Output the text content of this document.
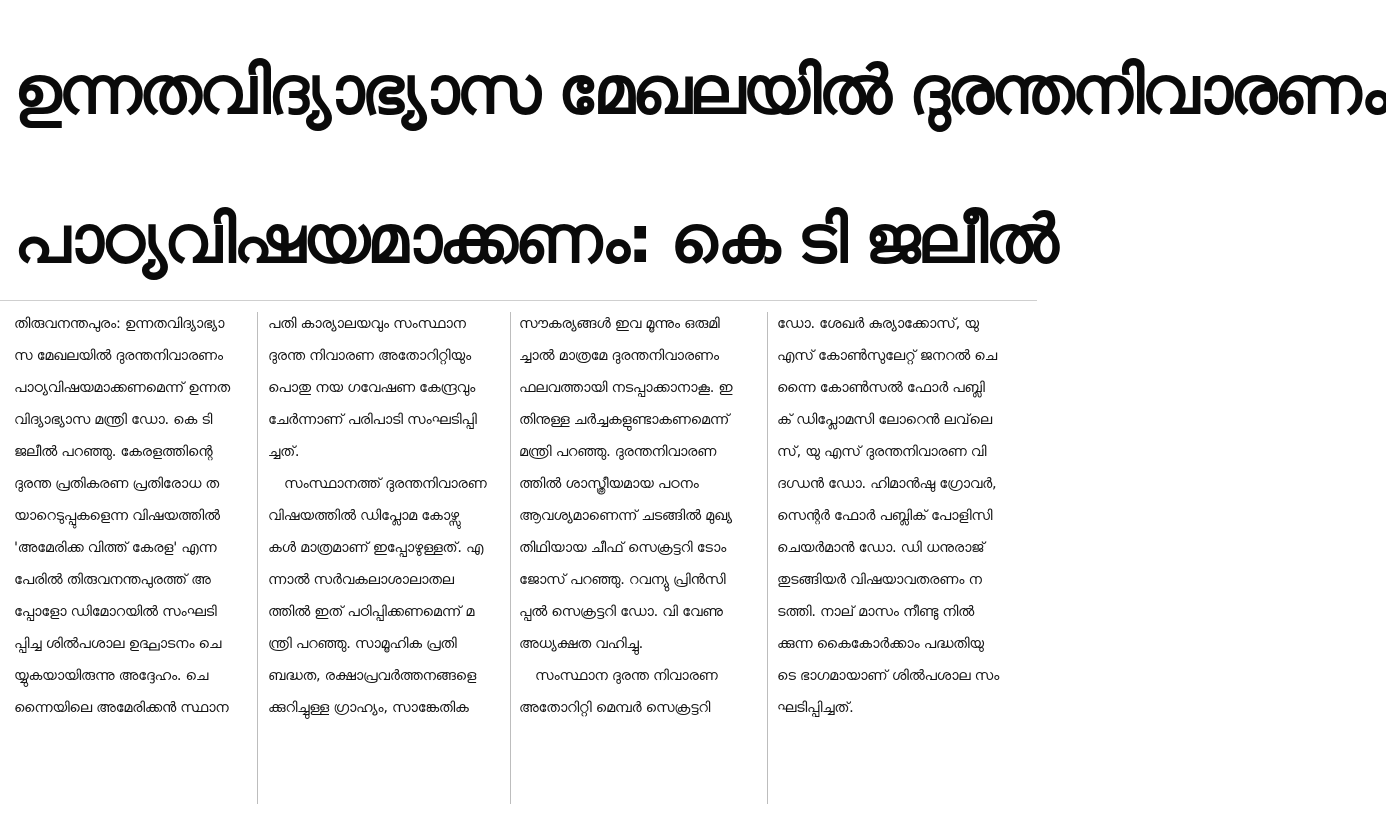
ഉന്നതവിദ്യാഭ്യാസ മേഖലയിൽ ദുരന്തനിവാരണം
പാഠ്യവിഷയമാക്കണം: കെ ടി ജലീൽ
തിരുവനന്തപുരം: ഉന്നതവിദ്യാഭ്യാ
സ മേഖലയിൽ ദുരന്തനിവാരണം
പാഠ്യവിഷയമാക്കണമെന്ന് ഉന്നത
വിദ്യാഭ്യാസ മന്ത്രി ഡോ. കെ ടി
ജലീൽ പറഞ്ഞു. കേരളത്തിന്റെ
ദുരന്ത പ്രതികരണ പ്രതിരോധ ത
യാറെടുപ്പുകളെന്ന വിഷയത്തിൽ
'അമേരിക്ക വിത്ത് കേരള' എന്ന
പേരിൽ തിരുവനന്തപുരത്ത് അ
പ്പോളോ ഡിമോറയിൽ സംഘടി
പ്പിച്ച ശിൽപശാല ഉദ്ഘാടനം ചെ
യ്യുകയായിരുന്നു അദ്ദേഹം. ചെ
ന്നൈയിലെ അമേരിക്കൻ സ്ഥാന
പതി കാര്യാലയവും സംസ്ഥാന
ദുരന്ത നിവാരണ അതോറിറ്റിയും
പൊതു നയ ഗവേഷണ കേന്ദ്രവും
ചേർന്നാണ് പരിപാടി സംഘടിപ്പി
ച്ചത്.
സംസ്ഥാനത്ത് ദുരന്തനിവാരണ
വിഷയത്തിൽ ഡിപ്ലോമ കോഴ്സു
കൾ മാത്രമാണ് ഇപ്പോഴുള്ളത്. എ
ന്നാൽ സർവകലാശാലാതല
ത്തിൽ ഇത് പഠിപ്പിക്കണമെന്ന് മ
ന്ത്രി പറഞ്ഞു. സാമൂഹിക പ്രതി
ബദ്ധത, രക്ഷാപ്രവർത്തനങ്ങളെ
ക്കുറിച്ചുള്ള ഗ്രാഹ്യം, സാങ്കേതിക
സൗകര്യങ്ങൾ ഇവ മൂന്നും ഒരുമി
ച്ചാൽ മാത്രമേ ദുരന്തനിവാരണം
ഫലവത്തായി നടപ്പാക്കാനാകൂ. ഇ
തിനുള്ള ചർച്ചകളുണ്ടാകണമെന്ന്
മന്ത്രി പറഞ്ഞു. ദുരന്തനിവാരണ
ത്തിൽ ശാസ്ത്രീയമായ പഠനം
ആവശ്യമാണെന്ന് ചടങ്ങിൽ മുഖ്യ
തിഥിയായ ചീഫ് സെക്രട്ടറി ടോം
ജോസ് പറഞ്ഞു. റവന്യു പ്രിൻസി
പ്പൽ സെക്രട്ടറി ഡോ. വി വേണു
അധ്യക്ഷത വഹിച്ചു.
സംസ്ഥാന ദുരന്ത നിവാരണ
അതോറിറ്റി മെമ്പർ സെക്രട്ടറി
ഡോ. ശേഖർ കുര്യാക്കോസ്, യു
എസ് കോൺസുലേറ്റ് ജനറൽ ചെ
ന്നൈ കോൺസൽ ഫോർ പബ്ലി
ക് ഡിപ്ലോമസി ലോറെൻ ലവ്‌ലെ
സ്, യു എസ് ദുരന്തനിവാരണ വി
ദഗ്ധൻ ഡോ. ഹിമാൻഷു ഗ്രോവർ,
സെന്റർ ഫോർ പബ്ലിക് പോളിസി
ചെയർമാൻ ഡോ. ഡി ധനുരാജ്
തുടങ്ങിയർ വിഷയാവതരണം ന
ടത്തി. നാല് മാസം നീണ്ടു നിൽ
ക്കുന്ന കൈകോർക്കാം പദ്ധതിയു
ടെ ഭാഗമായാണ് ശിൽപശാല സം
ഘടിപ്പിച്ചത്.
